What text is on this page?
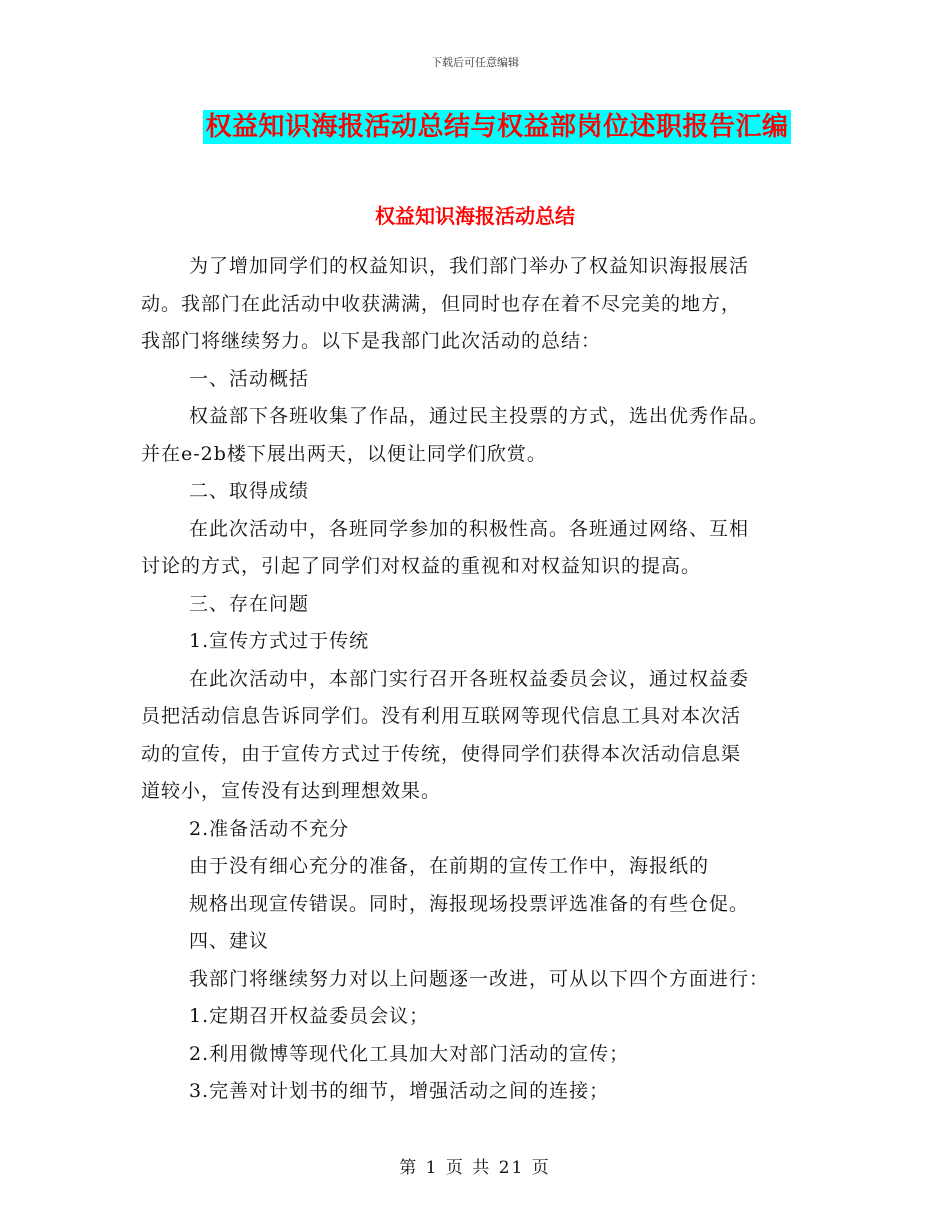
下载后可任意编辑
权益知识海报活动总结与权益部岗位述职报告汇编
权益知识海报活动总结

为了增加同学们的权益知识，我们部门举办了权益知识海报展活

动。我部门在此活动中收获满满，但同时也存在着不尽完美的地方，

我部门将继续努力。以下是我部门此次活动的总结：

一、活动概括

权益部下各班收集了作品，通过民主投票的方式，选出优秀作品。

并在e-2b楼下展出两天，以便让同学们欣赏。

二、取得成绩

在此次活动中，各班同学参加的积极性高。各班通过网络、互相

讨论的方式，引起了同学们对权益的重视和对权益知识的提高。

三、存在问题

1.宣传方式过于传统

在此次活动中，本部门实行召开各班权益委员会议，通过权益委

员把活动信息告诉同学们。没有利用互联网等现代信息工具对本次活

动的宣传，由于宣传方式过于传统，使得同学们获得本次活动信息渠

道较小，宣传没有达到理想效果。

2.准备活动不充分

由于没有细心充分的准备，在前期的宣传工作中，海报纸的

规格出现宣传错误。同时，海报现场投票评选准备的有些仓促。

四、建议

我部门将继续努力对以上问题逐一改进，可从以下四个方面进行：

1.定期召开权益委员会议；

2.利用微博等现代化工具加大对部门活动的宣传；

3.完善对计划书的细节，增强活动之间的连接；

第 1 页 共 21 页
